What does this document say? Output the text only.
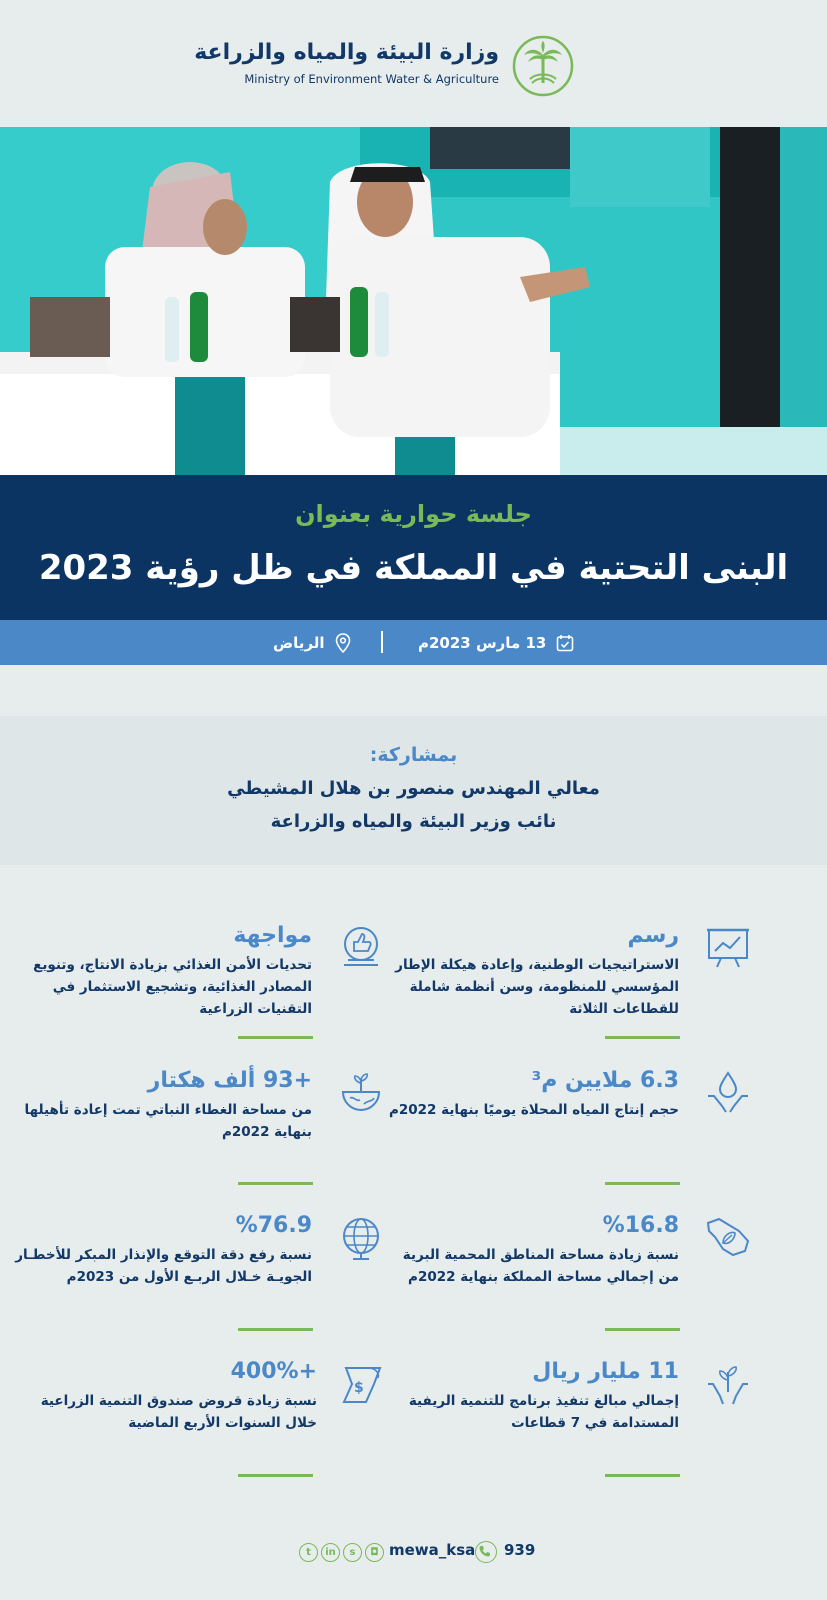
وزارة البيئة والمياه والزراعة
Ministry of Environment Water & Agriculture
جلسة حوارية بعنوان
البنى التحتية في المملكة في ظل رؤية 2023
13 مارس 2023م
الرياض
بمشاركة:
معالي المهندس منصور بن هلال المشيطي
نائب وزير البيئة والمياه والزراعة
رسم
الاستراتيجيات الوطنية، وإعادة هيكلة الإطار المؤسسي للمنظومة، وسن أنظمة شاملة للقطاعات الثلاثة
مواجهة
تحديات الأمن الغذائي بزيادة الانتاج، وتنويع المصادر الغذائية، وتشجيع الاستثمار في التقنيات الزراعية
6.3 ملايين م³
حجم إنتاج المياه المحلاة يوميًا بنهاية 2022م
+93 ألف هكتار
من مساحة الغطاء النباتي تمت إعادة تأهيلها بنهاية 2022م
%16.8
نسبة زيادة مساحة المناطق المحمية البرية من إجمالي مساحة المملكة بنهاية 2022م
%76.9
نسبة رفع دقة التوقع والإنذار المبكر للأخطـار الجويـة خـلال الربـع الأول من 2023م
11 مليار ريال
إجمالي مبالغ تنفيذ برنامج للتنمية الريفية المستدامة في 7 قطاعات
+400%
نسبة زيادة قروض صندوق التنمية الزراعية خلال السنوات الأربع الماضية
$
t	in	s	◘ mewa_ksa 939
